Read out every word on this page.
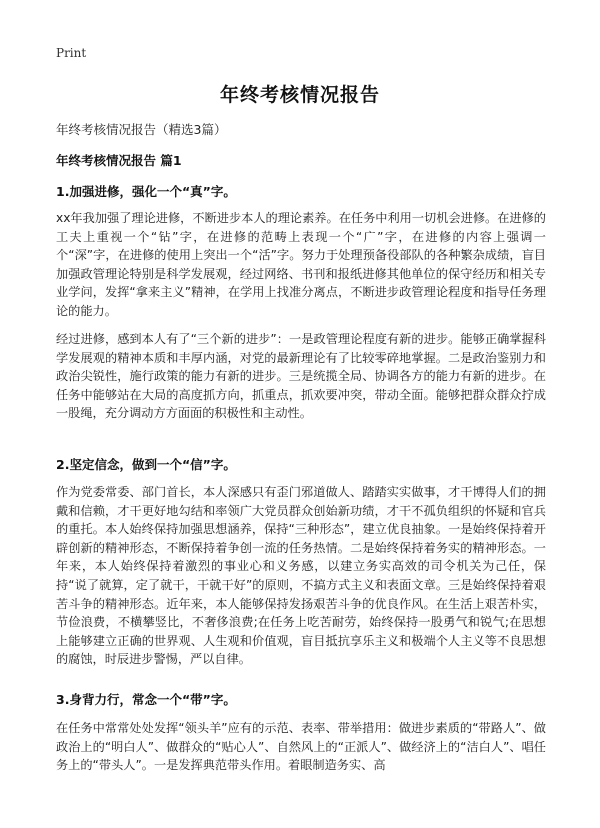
Print
年终考核情况报告
年终考核情况报告（精选3篇）
年终考核情况报告 篇1
1.加强进修，强化一个“真”字。
xx年我加强了理论进修，不断进步本人的理论素养。在任务中利用一切机会进修。在进修的工夫上重视一个“钻”字，在进修的范畴上表现一个“广”字，在进修的内容上强调一个“深”字，在进修的使用上突出一个“活”字。努力于处理预备役部队的各种繁杂成绩，盲目加强政管理论特别是科学发展观，经过网络、书刊和报纸进修其他单位的保守经历和相关专业学问，发挥“拿来主义”精神，在学用上找准分离点，不断进步政管理论程度和指导任务理论的能力。
经过进修，感到本人有了“三个新的进步”：一是政管理论程度有新的进步。能够正确掌握科学发展观的精神本质和丰厚内涵，对党的最新理论有了比较零碎地掌握。二是政治鉴别力和政治尖锐性，施行政策的能力有新的进步。三是统揽全局、协调各方的能力有新的进步。在任务中能够站在大局的高度抓方向，抓重点，抓欢要冲突，带动全面。能够把群众群众拧成一股绳，充分调动方方面面的积极性和主动性。
2.坚定信念，做到一个“信”字。
作为党委常委、部门首长，本人深感只有歪门邪道做人、踏踏实实做事，才干博得人们的拥戴和信赖，才干更好地勾结和率领广大党员群众创始新功绩，才干不孤负组织的怀疑和官兵的重托。本人始终保持加强思想涵养，保持“三种形态”，建立优良抽象。一是始终保持着开辟创新的精神形态，不断保持着争创一流的任务热情。二是始终保持着务实的精神形态。一年来，本人始终保持着激烈的事业心和义务感，以建立务实高效的司令机关为己任，保持“说了就算，定了就干，干就干好”的原则，不搞方式主义和表面文章。三是始终保持着艰苦斗争的精神形态。近年来，本人能够保持发扬艰苦斗争的优良作风。在生活上艰苦朴实，节俭浪费，不横攀竖比，不奢侈浪费;在任务上吃苦耐劳，始终保持一股勇气和锐气;在思想上能够建立正确的世界观、人生观和价值观，盲目抵抗享乐主义和极端个人主义等不良思想的腐蚀，时辰进步警惕，严以自律。
3.身背力行，常念一个“带”字。
在任务中常常处处发挥“领头羊”应有的示范、表率、带举措用：做进步素质的“带路人”、做政治上的“明白人”、做群众的“贴心人”、自然风上的“正派人”、做经济上的“洁白人”、唱任务上的“带头人”。一是发挥典范带头作用。着眼制造务实、高
